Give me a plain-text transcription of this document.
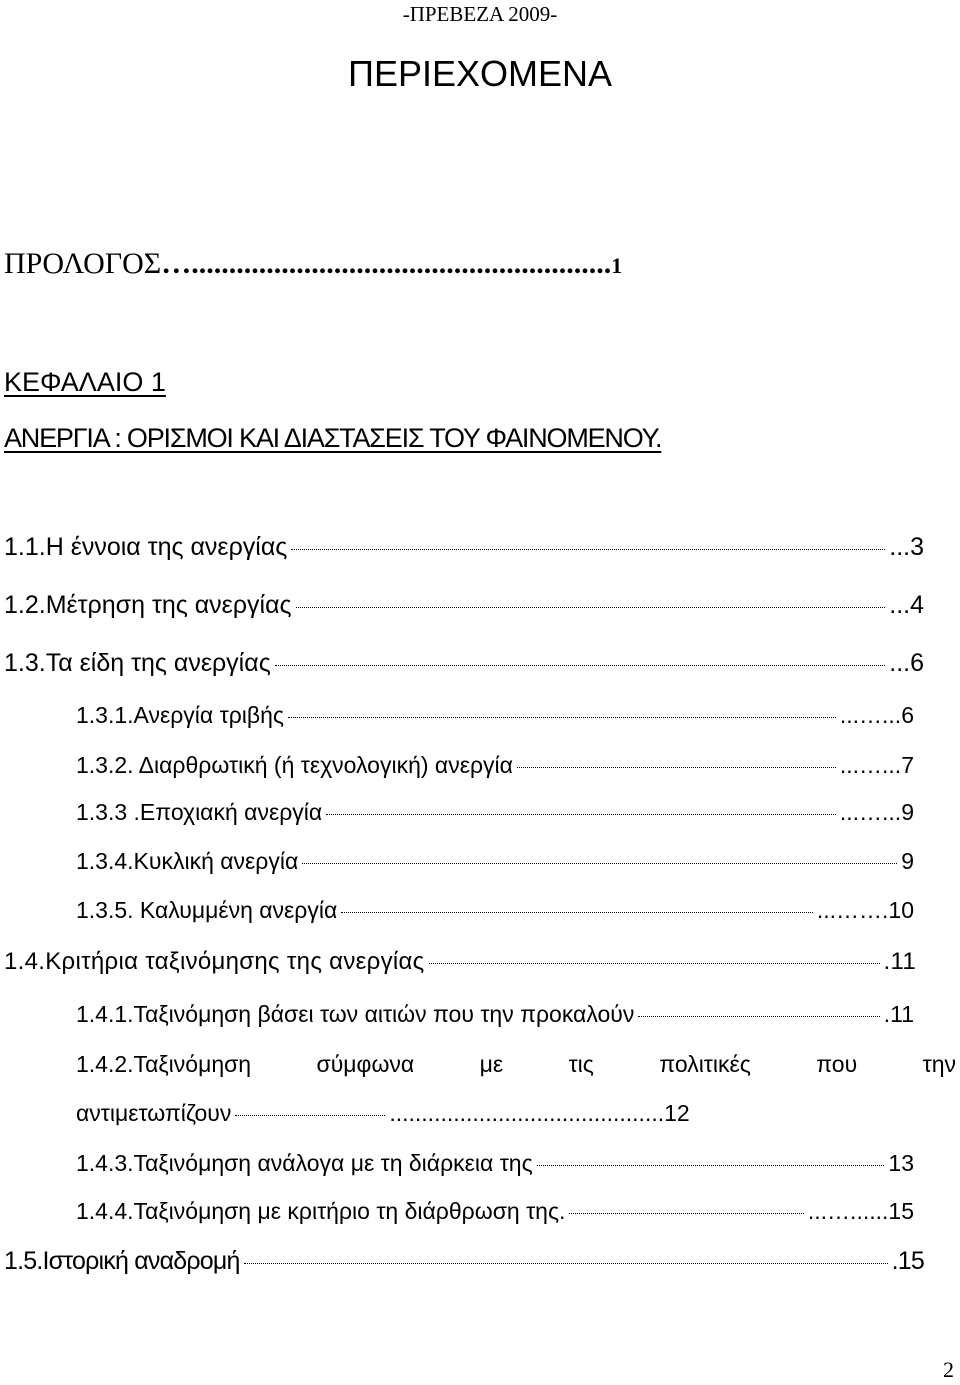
-ΠΡΕΒΕΖΑ 2009-
ΠΕΡΙΕΧΟΜΕΝΑ
ΠΡΟΛΟΓΟΣ…........................................................1
ΚΕΦΑΛΑΙΟ 1
ΑΝΕΡΓΙΑ : ΟΡΙΣΜΟΙ ΚΑΙ ΔΙΑΣΤΑΣΕΙΣ ΤΟΥ ΦΑΙΝΟΜΕΝΟΥ.
1.1.Η έννοια της ανεργίας	...3
1.2.Μέτρηση της ανεργίας	...4
1.3.Τα είδη της ανεργίας	...6
1.3.1.Ανεργία τριβής	...…...6
1.3.2. Διαρθρωτική (ή τεχνολογική) ανεργία	...…...7
1.3.3 .Εποχιακή ανεργία	...…...9
1.3.4.Κυκλική ανεργία	9
1.3.5. Καλυμμένη ανεργία	...…….10
1.4.Κριτήρια ταξινόμησης της ανεργίας	.11
1.4.1.Ταξινόμηση βάσει των αιτιών που την προκαλούν	.11
1.4.2.Ταξινόμηση	σύμφωνα	με	τις	πολιτικές	που	την
αντιμετωπίζουν	...........................................12
1.4.3.Ταξινόμηση ανάλογα με τη διάρκεια της	13
1.4.4.Ταξινόμηση με κριτήριο τη διάρθρωση της.	...…......15
1.5.Ιστορική αναδρομή	.15
2
